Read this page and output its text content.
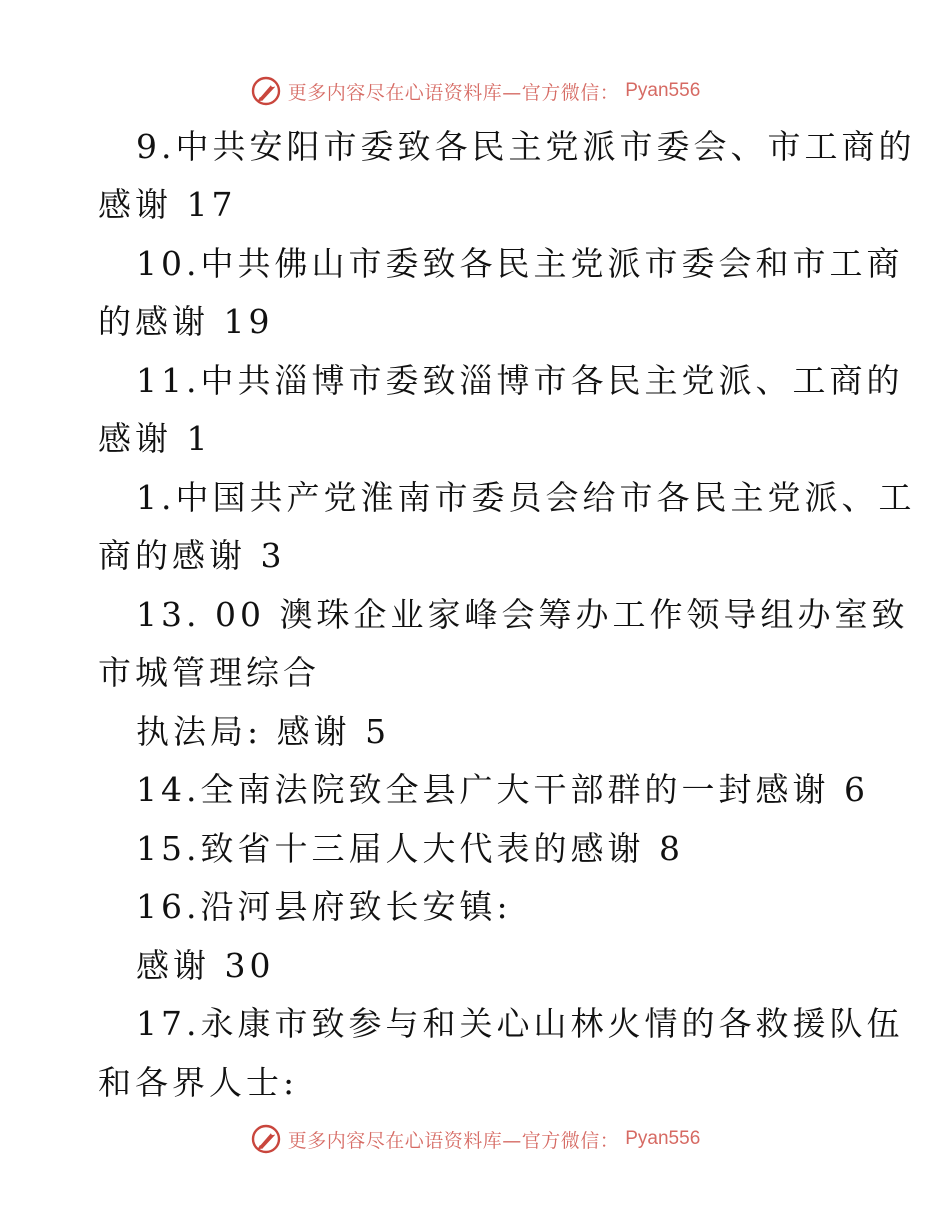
更多内容尽在心语资料库—官方微信： Pyan556
9.中共安阳市委致各民主党派市委会、市工商的
感谢 17
10.中共佛山市委致各民主党派市委会和市工商
的感谢 19
11.中共淄博市委致淄博市各民主党派、工商的
感谢 1
1.中国共产党淮南市委员会给市各民主党派、工
商的感谢 3
13. 00 澳珠企业家峰会筹办工作领导组办室致
市城管理综合
执法局: 感谢 5
14.全南法院致全县广大干部群的一封感谢 6
15.致省十三届人大代表的感谢 8
16.沿河县府致长安镇:
感谢 30
17.永康市致参与和关心山林火情的各救援队伍
和各界人士:
更多内容尽在心语资料库—官方微信： Pyan556
